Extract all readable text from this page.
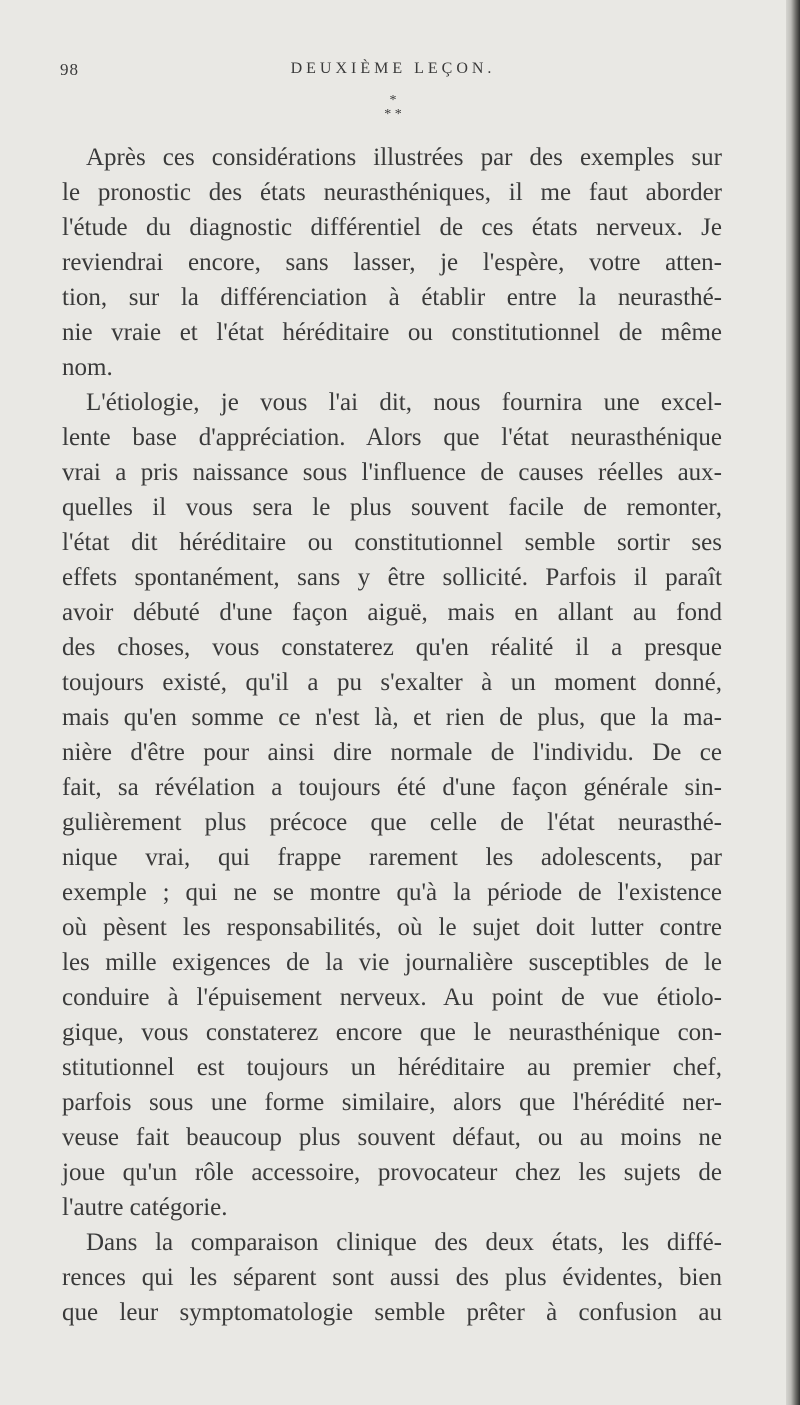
98	DEUXIÈME LEÇON.
*
* *
Après ces considérations illustrées par des exemples sur
le pronostic des états neurasthéniques, il me faut aborder
l'étude du diagnostic différentiel de ces états nerveux. Je
reviendrai encore, sans lasser, je l'espère, votre atten-
tion, sur la différenciation à établir entre la neurasthé-
nie vraie et l'état héréditaire ou constitutionnel de même
nom.
L'étiologie, je vous l'ai dit, nous fournira une excel-
lente base d'appréciation. Alors que l'état neurasthénique
vrai a pris naissance sous l'influence de causes réelles aux-
quelles il vous sera le plus souvent facile de remonter,
l'état dit héréditaire ou constitutionnel semble sortir ses
effets spontanément, sans y être sollicité. Parfois il paraît
avoir débuté d'une façon aiguë, mais en allant au fond
des choses, vous constaterez qu'en réalité il a presque
toujours existé, qu'il a pu s'exalter à un moment donné,
mais qu'en somme ce n'est là, et rien de plus, que la ma-
nière d'être pour ainsi dire normale de l'individu. De ce
fait, sa révélation a toujours été d'une façon générale sin-
gulièrement plus précoce que celle de l'état neurasthé-
nique vrai, qui frappe rarement les adolescents, par
exemple ; qui ne se montre qu'à la période de l'existence
où pèsent les responsabilités, où le sujet doit lutter contre
les mille exigences de la vie journalière susceptibles de le
conduire à l'épuisement nerveux. Au point de vue étiolo-
gique, vous constaterez encore que le neurasthénique con-
stitutionnel est toujours un héréditaire au premier chef,
parfois sous une forme similaire, alors que l'hérédité ner-
veuse fait beaucoup plus souvent défaut, ou au moins ne
joue qu'un rôle accessoire, provocateur chez les sujets de
l'autre catégorie.
Dans la comparaison clinique des deux états, les diffé-
rences qui les séparent sont aussi des plus évidentes, bien
que leur symptomatologie semble prêter à confusion au
